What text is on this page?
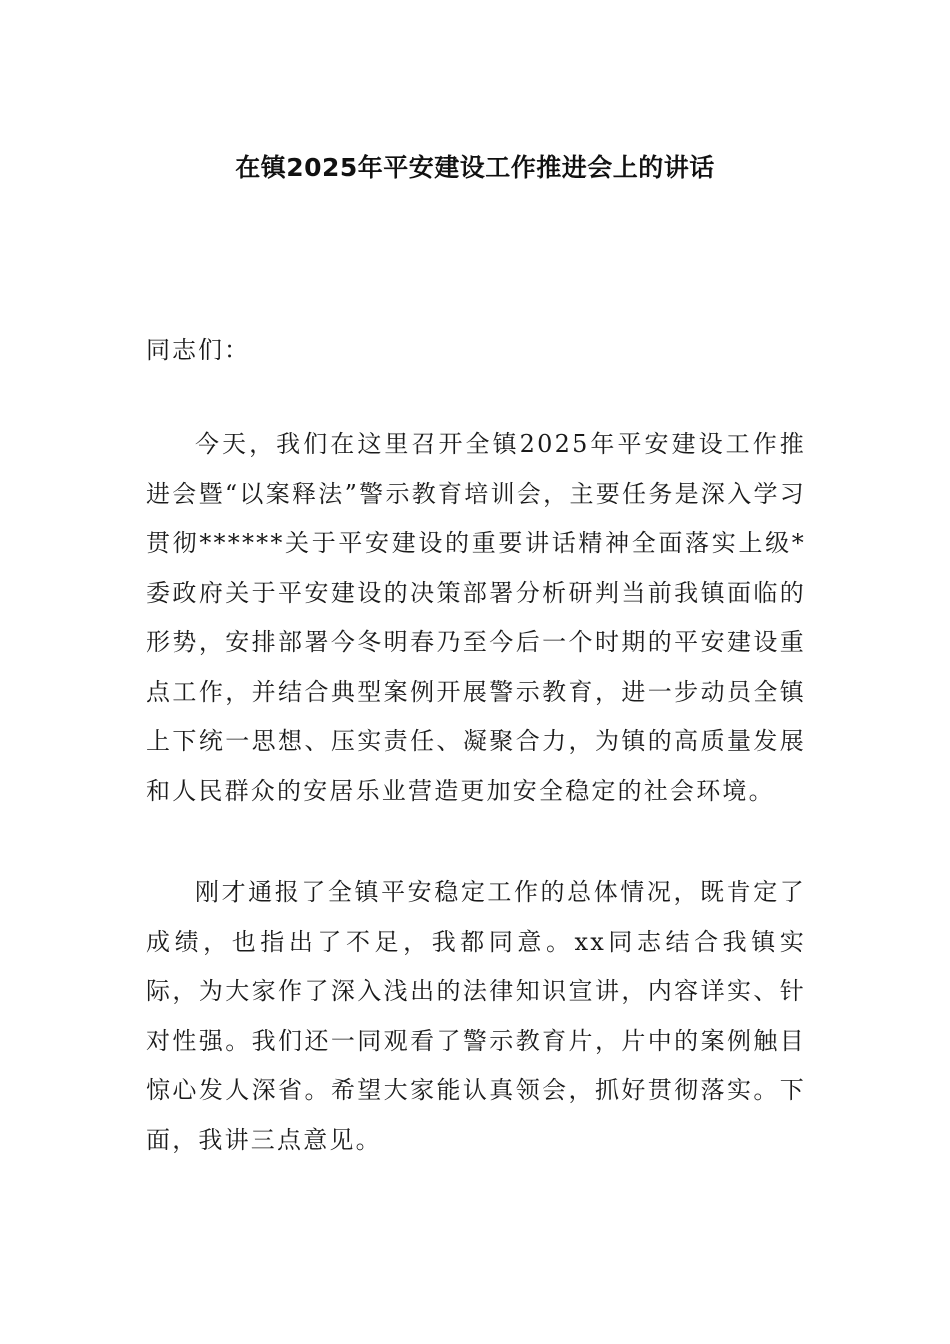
在镇2025年平安建设工作推进会上的讲话
同志们：

今天，我们在这里召开全镇2025年平安建设工作推进会暨“以案释法”警示教育培训会，主要任务是深入学习贯彻******关于平安建设的重要讲话精神全面落实上级*委政府关于平安建设的决策部署分析研判当前我镇面临的形势，安排部署今冬明春乃至今后一个时期的平安建设重点工作，并结合典型案例开展警示教育，进一步动员全镇上下统一思想、压实责任、凝聚合力，为镇的高质量发展和人民群众的安居乐业营造更加安全稳定的社会环境。

刚才通报了全镇平安稳定工作的总体情况，既肯定了成绩，也指出了不足，我都同意。xx同志结合我镇实际，为大家作了深入浅出的法律知识宣讲，内容详实、针对性强。我们还一同观看了警示教育片，片中的案例触目惊心发人深省。希望大家能认真领会，抓好贯彻落实。下面，我讲三点意见。
